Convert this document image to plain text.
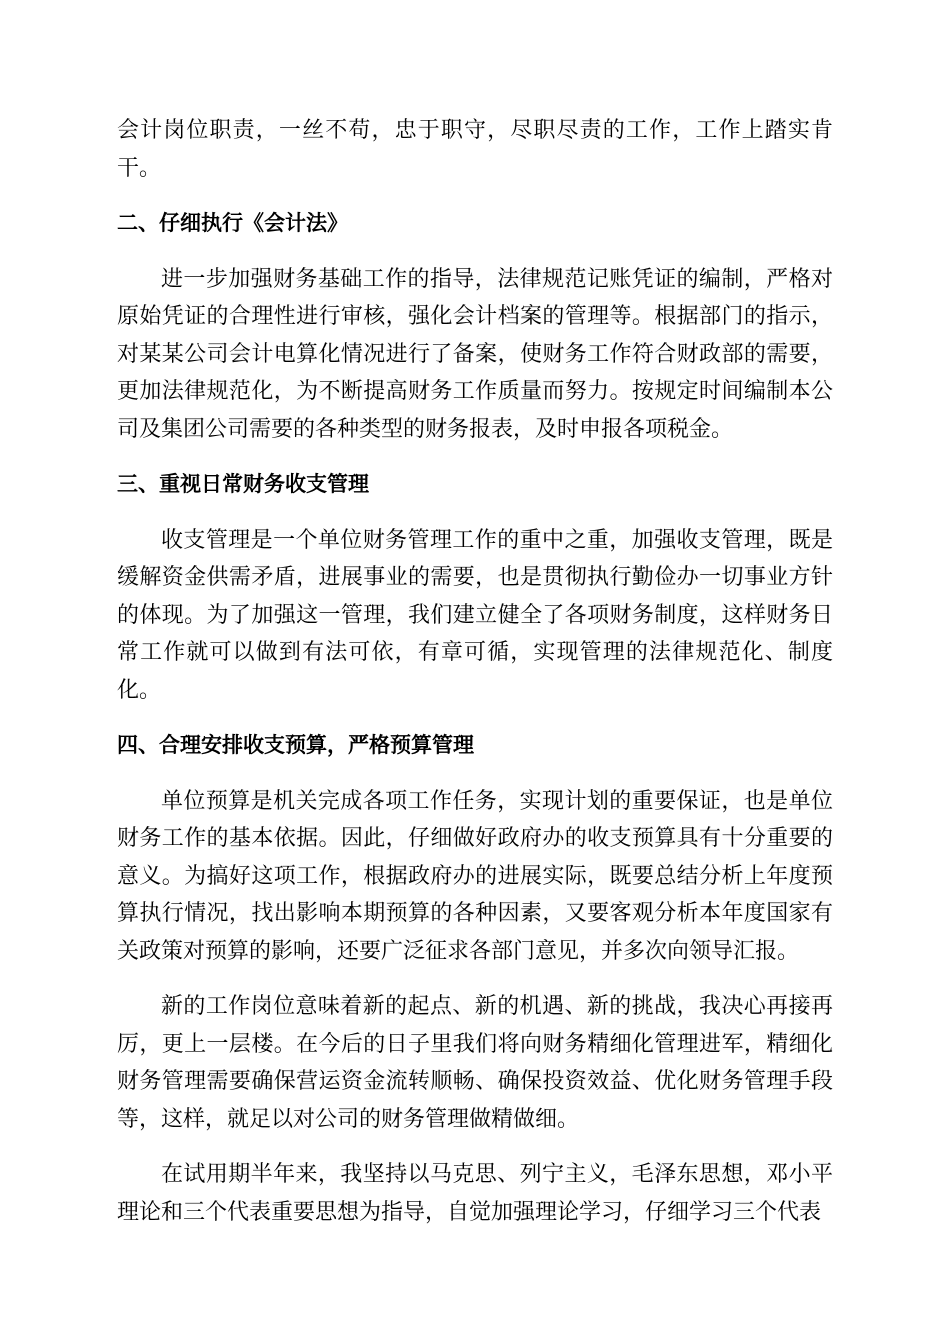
会计岗位职责，一丝不苟，忠于职守，尽职尽责的工作，工作上踏实肯干。

二、仔细执行《会计法》

进一步加强财务基础工作的指导，法律规范记账凭证的编制，严格对原始凭证的合理性进行审核，强化会计档案的管理等。根据部门的指示，对某某公司会计电算化情况进行了备案，使财务工作符合财政部的需要，更加法律规范化，为不断提高财务工作质量而努力。按规定时间编制本公司及集团公司需要的各种类型的财务报表，及时申报各项税金。

三、重视日常财务收支管理

收支管理是一个单位财务管理工作的重中之重，加强收支管理，既是缓解资金供需矛盾，进展事业的需要，也是贯彻执行勤俭办一切事业方针的体现。为了加强这一管理，我们建立健全了各项财务制度，这样财务日常工作就可以做到有法可依，有章可循，实现管理的法律规范化、制度化。

四、合理安排收支预算，严格预算管理

单位预算是机关完成各项工作任务，实现计划的重要保证，也是单位财务工作的基本依据。因此，仔细做好政府办的收支预算具有十分重要的意义。为搞好这项工作，根据政府办的进展实际，既要总结分析上年度预算执行情况，找出影响本期预算的各种因素，又要客观分析本年度国家有关政策对预算的影响，还要广泛征求各部门意见，并多次向领导汇报。

新的工作岗位意味着新的起点、新的机遇、新的挑战，我决心再接再厉，更上一层楼。在今后的日子里我们将向财务精细化管理进军，精细化财务管理需要确保营运资金流转顺畅、确保投资效益、优化财务管理手段等，这样，就足以对公司的财务管理做精做细。

在试用期半年来，我坚持以马克思、列宁主义，毛泽东思想，邓小平理论和三个代表重要思想为指导，自觉加强理论学习，仔细学习三个代表
